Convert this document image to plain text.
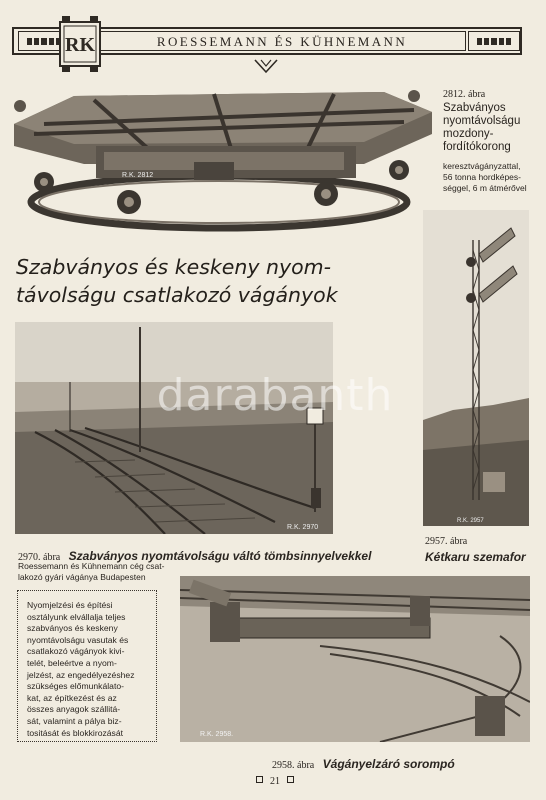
ROESSEMANN ÉS KÜHNEMANN
RK
R.K. 2812
2812. ábra
Szabványos
nyomtávolságu
mozdony-
fordítókorong
keresztvágányzattal,
56 tonna hordképes-
séggel, 6 m átmérővel
Szabványos és keskeny nyom-
távolságu csatlakozó vágányok
R.K. 2957
2957. ábra
Kétkaru szemafor
R.K. 2970
2970. ábra Szabványos nyomtávolságu váltó tömbsinnyelvekkel
Roessemann és Kühnemann cég csat-
lakozó gyári vágánya Budapesten

Nyomjelzési és építési

osztályunk elvállalja teljes

szabványos és keskeny

nyomtávolságu vasutak és

csatlakozó vágányok kivi-

telét, beleértve a nyom-

jelzést, az engedélyezéshez

szükséges előmunkálato-

kat, az építkezést és az

összes anyagok szállitá-

sát, valamint a pálya biz-

tositását és blokkirozását	R.K. 2958.
2958. ábra Vágányelzáró sorompó
darabanth
21
